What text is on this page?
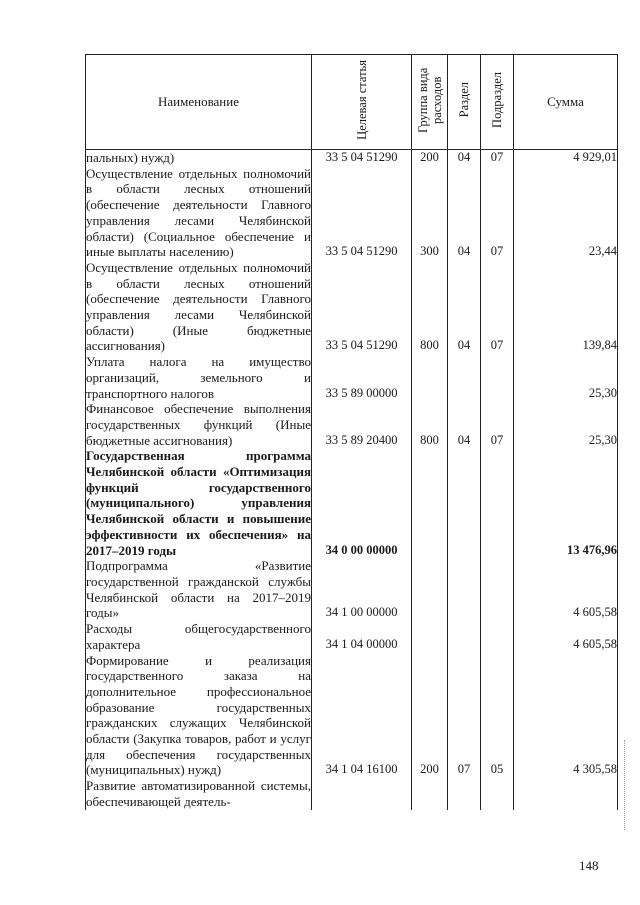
Наименование	Целевая статья	Группа вида расходов	Раздел	Подраздел	Сумма
пальных) нужд)	33 5 04 51290	200	04	07	4 929,01
Осуществление отдельных полномочий в области лесных отношений (обеспечение деятельности Главного управления лесами Челябинской области) (Социальное обеспечение и иные выплаты населению)	33 5 04 51290	300	04	07	23,44
Осуществление отдельных полномочий в области лесных отношений (обеспечение деятельности Главного управления лесами Челябинской области) (Иные бюджетные ассигнования)	33 5 04 51290	800	04	07	139,84
Уплата налога на имущество организаций, земельного и транспортного налогов	33 5 89 00000				25,30
Финансовое обеспечение выполнения государственных функций (Иные бюджетные ассигнования)	33 5 89 20400	800	04	07	25,30
Государственная программа Челябинской области «Оптимизация функций государственного (муниципального) управления Челябинской области и повышение эффективности их обеспечения» на 2017–2019 годы	34 0 00 00000				13 476,96
Подпрограмма «Развитие государственной гражданской службы Челябинской области на 2017–2019 годы»	34 1 00 00000				4 605,58
Расходы общегосударственного характера	34 1 04 00000				4 605,58
Формирование и реализация государственного заказа на дополнительное профессиональное образование государственных гражданских служащих Челябинской области (Закупка товаров, работ и услуг для обеспечения государственных (муниципальных) нужд)	34 1 04 16100	200	07	05	4 305,58
Развитие автоматизированной системы, обеспечивающей деятель-					
148
